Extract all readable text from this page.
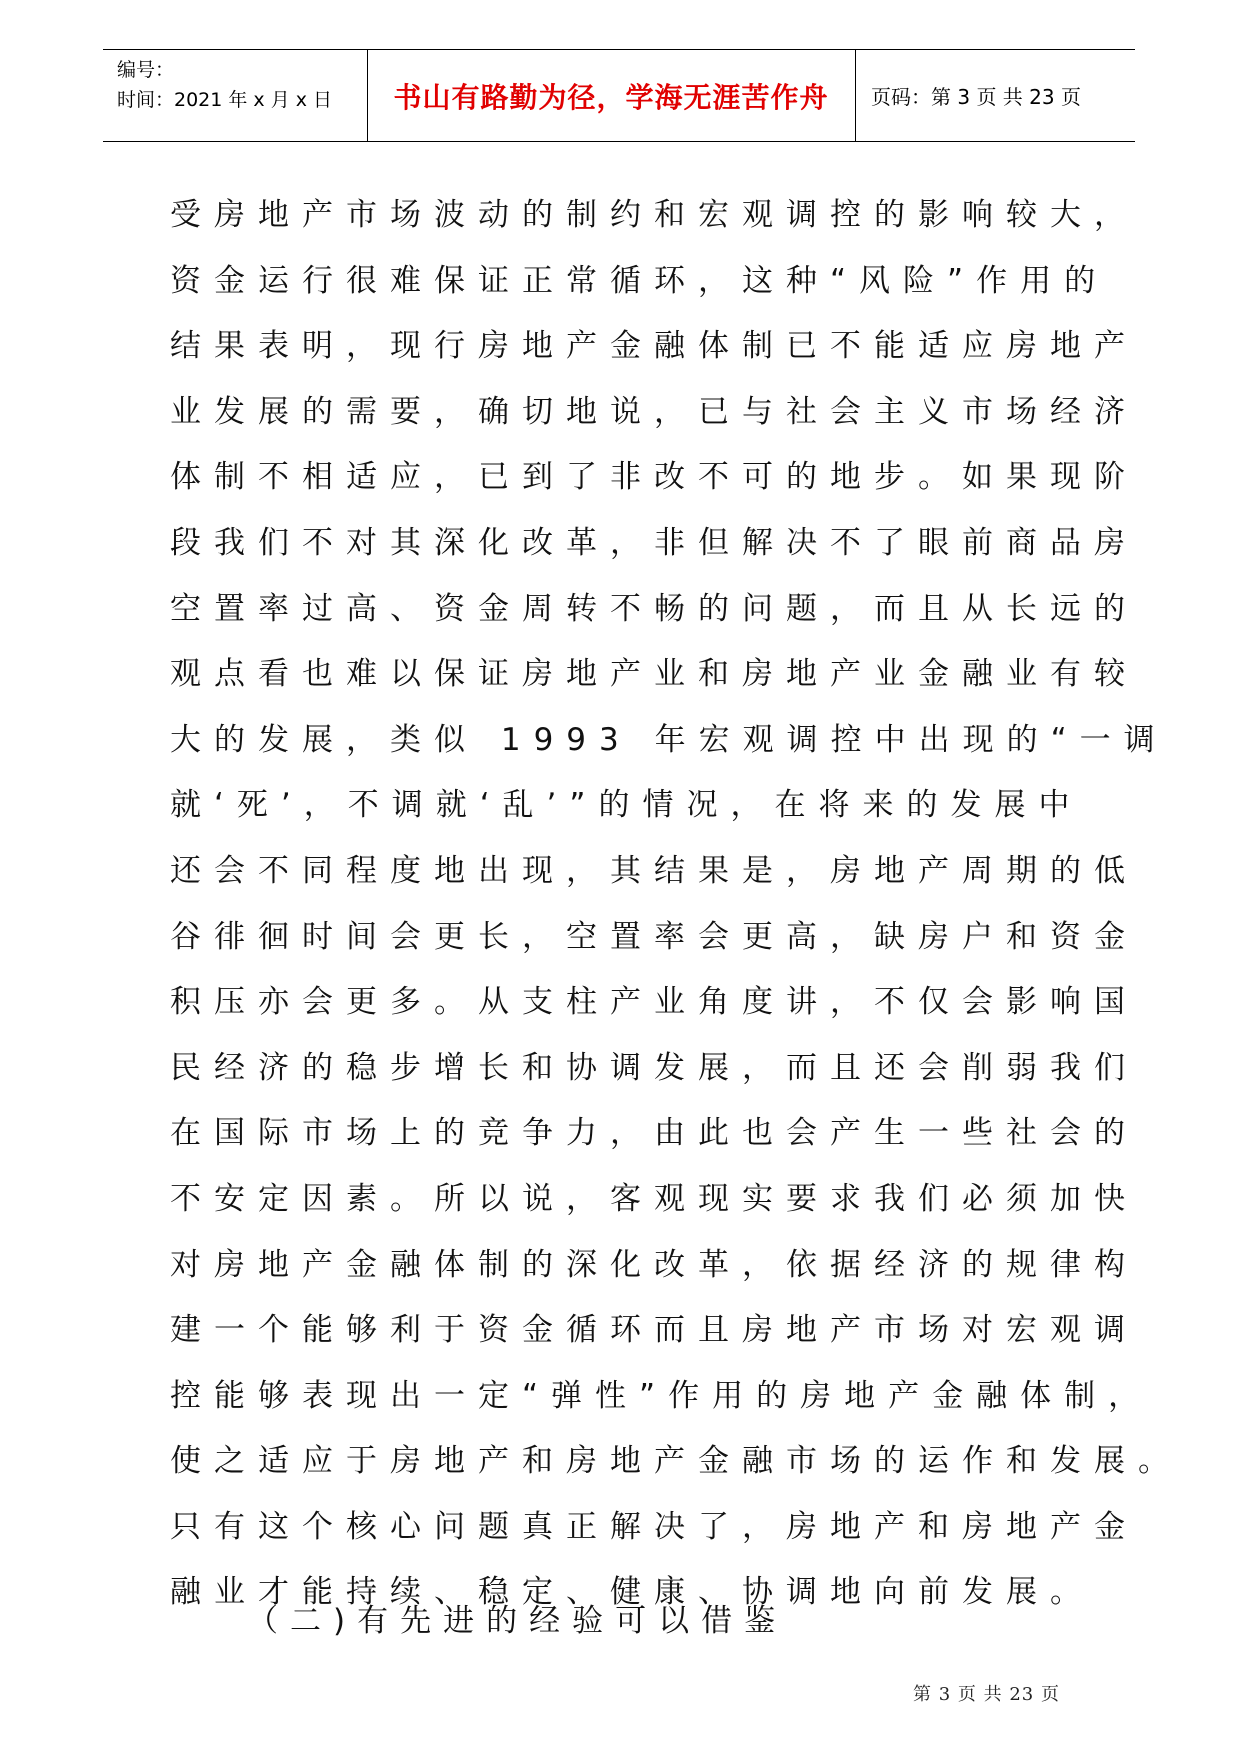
编号：
时间：2021 年 x 月 x 日	书山有路勤为径，学海无涯苦作舟	页码：第 3 页 共 23 页
受房地产市场波动的制约和宏观调控的影响较大，
资金运行很难保证正常循环，这种“风险”作用的
结果表明，现行房地产金融体制已不能适应房地产
业发展的需要，确切地说，已与社会主义市场经济
体制不相适应，已到了非改不可的地步。如果现阶
段我们不对其深化改革，非但解决不了眼前商品房
空置率过高、资金周转不畅的问题，而且从长远的
观点看也难以保证房地产业和房地产业金融业有较
大的发展，类似 1993 年宏观调控中出现的“一调
就‘死’，不调就‘乱’”的情况，在将来的发展中
还会不同程度地出现，其结果是，房地产周期的低
谷徘徊时间会更长，空置率会更高，缺房户和资金
积压亦会更多。从支柱产业角度讲，不仅会影响国
民经济的稳步增长和协调发展，而且还会削弱我们
在国际市场上的竞争力，由此也会产生一些社会的
不安定因素。所以说，客观现实要求我们必须加快
对房地产金融体制的深化改革，依据经济的规律构
建一个能够利于资金循环而且房地产市场对宏观调
控能够表现出一定“弹性”作用的房地产金融体制，
使之适应于房地产和房地产金融市场的运作和发展。
只有这个核心问题真正解决了，房地产和房地产金
融业才能持续、稳定、健康、协调地向前发展。
（二)有先进的经验可以借鉴
第 3 页 共 23 页
